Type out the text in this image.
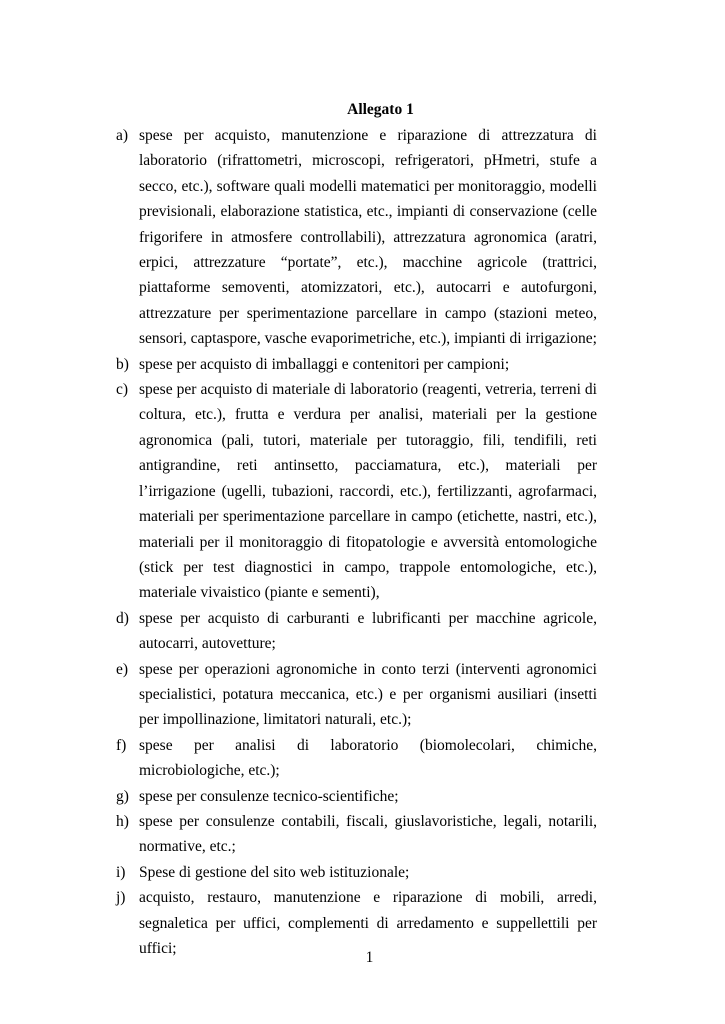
Allegato 1
a) spese per acquisto, manutenzione e riparazione di attrezzatura di laboratorio (rifrattometri, microscopi, refrigeratori, pHmetri, stufe a secco, etc.), software quali modelli matematici per monitoraggio, modelli previsionali, elaborazione statistica, etc., impianti di conservazione (celle frigorifere in atmosfere controllabili), attrezzatura agronomica (aratri, erpici, attrezzature “portate”, etc.), macchine agricole (trattrici, piattaforme semoventi, atomizzatori, etc.), autocarri e autofurgoni, attrezzature per sperimentazione parcellare in campo (stazioni meteo, sensori, captaspore, vasche evaporimetriche, etc.), impianti di irrigazione;
b) spese per acquisto di imballaggi e contenitori per campioni;
c) spese per acquisto di materiale di laboratorio (reagenti, vetreria, terreni di coltura, etc.), frutta e verdura per analisi, materiali per la gestione agronomica (pali, tutori, materiale per tutoraggio, fili, tendifili, reti antigrandine, reti antinsetto, pacciamatura, etc.), materiali per l’irrigazione (ugelli, tubazioni, raccordi, etc.), fertilizzanti, agrofarmaci, materiali per sperimentazione parcellare in campo (etichette, nastri, etc.), materiali per il monitoraggio di fitopatologie e avversità entomologiche (stick per test diagnostici in campo, trappole entomologiche, etc.), materiale vivaistico (piante e sementi),
d) spese per acquisto di carburanti e lubrificanti per macchine agricole, autocarri, autovetture;
e) spese per operazioni agronomiche in conto terzi (interventi agronomici specialistici, potatura meccanica, etc.) e per organismi ausiliari (insetti per impollinazione, limitatori naturali, etc.);
f) spese per analisi di laboratorio (biomolecolari, chimiche, microbiologiche, etc.);
g) spese per consulenze tecnico-scientifiche;
h) spese per consulenze contabili, fiscali, giuslavoristiche, legali, notarili, normative, etc.;
i) Spese di gestione del sito web istituzionale;
j) acquisto, restauro, manutenzione e riparazione di mobili, arredi, segnaletica per uffici, complementi di arredamento e suppellettili per uffici;
1
